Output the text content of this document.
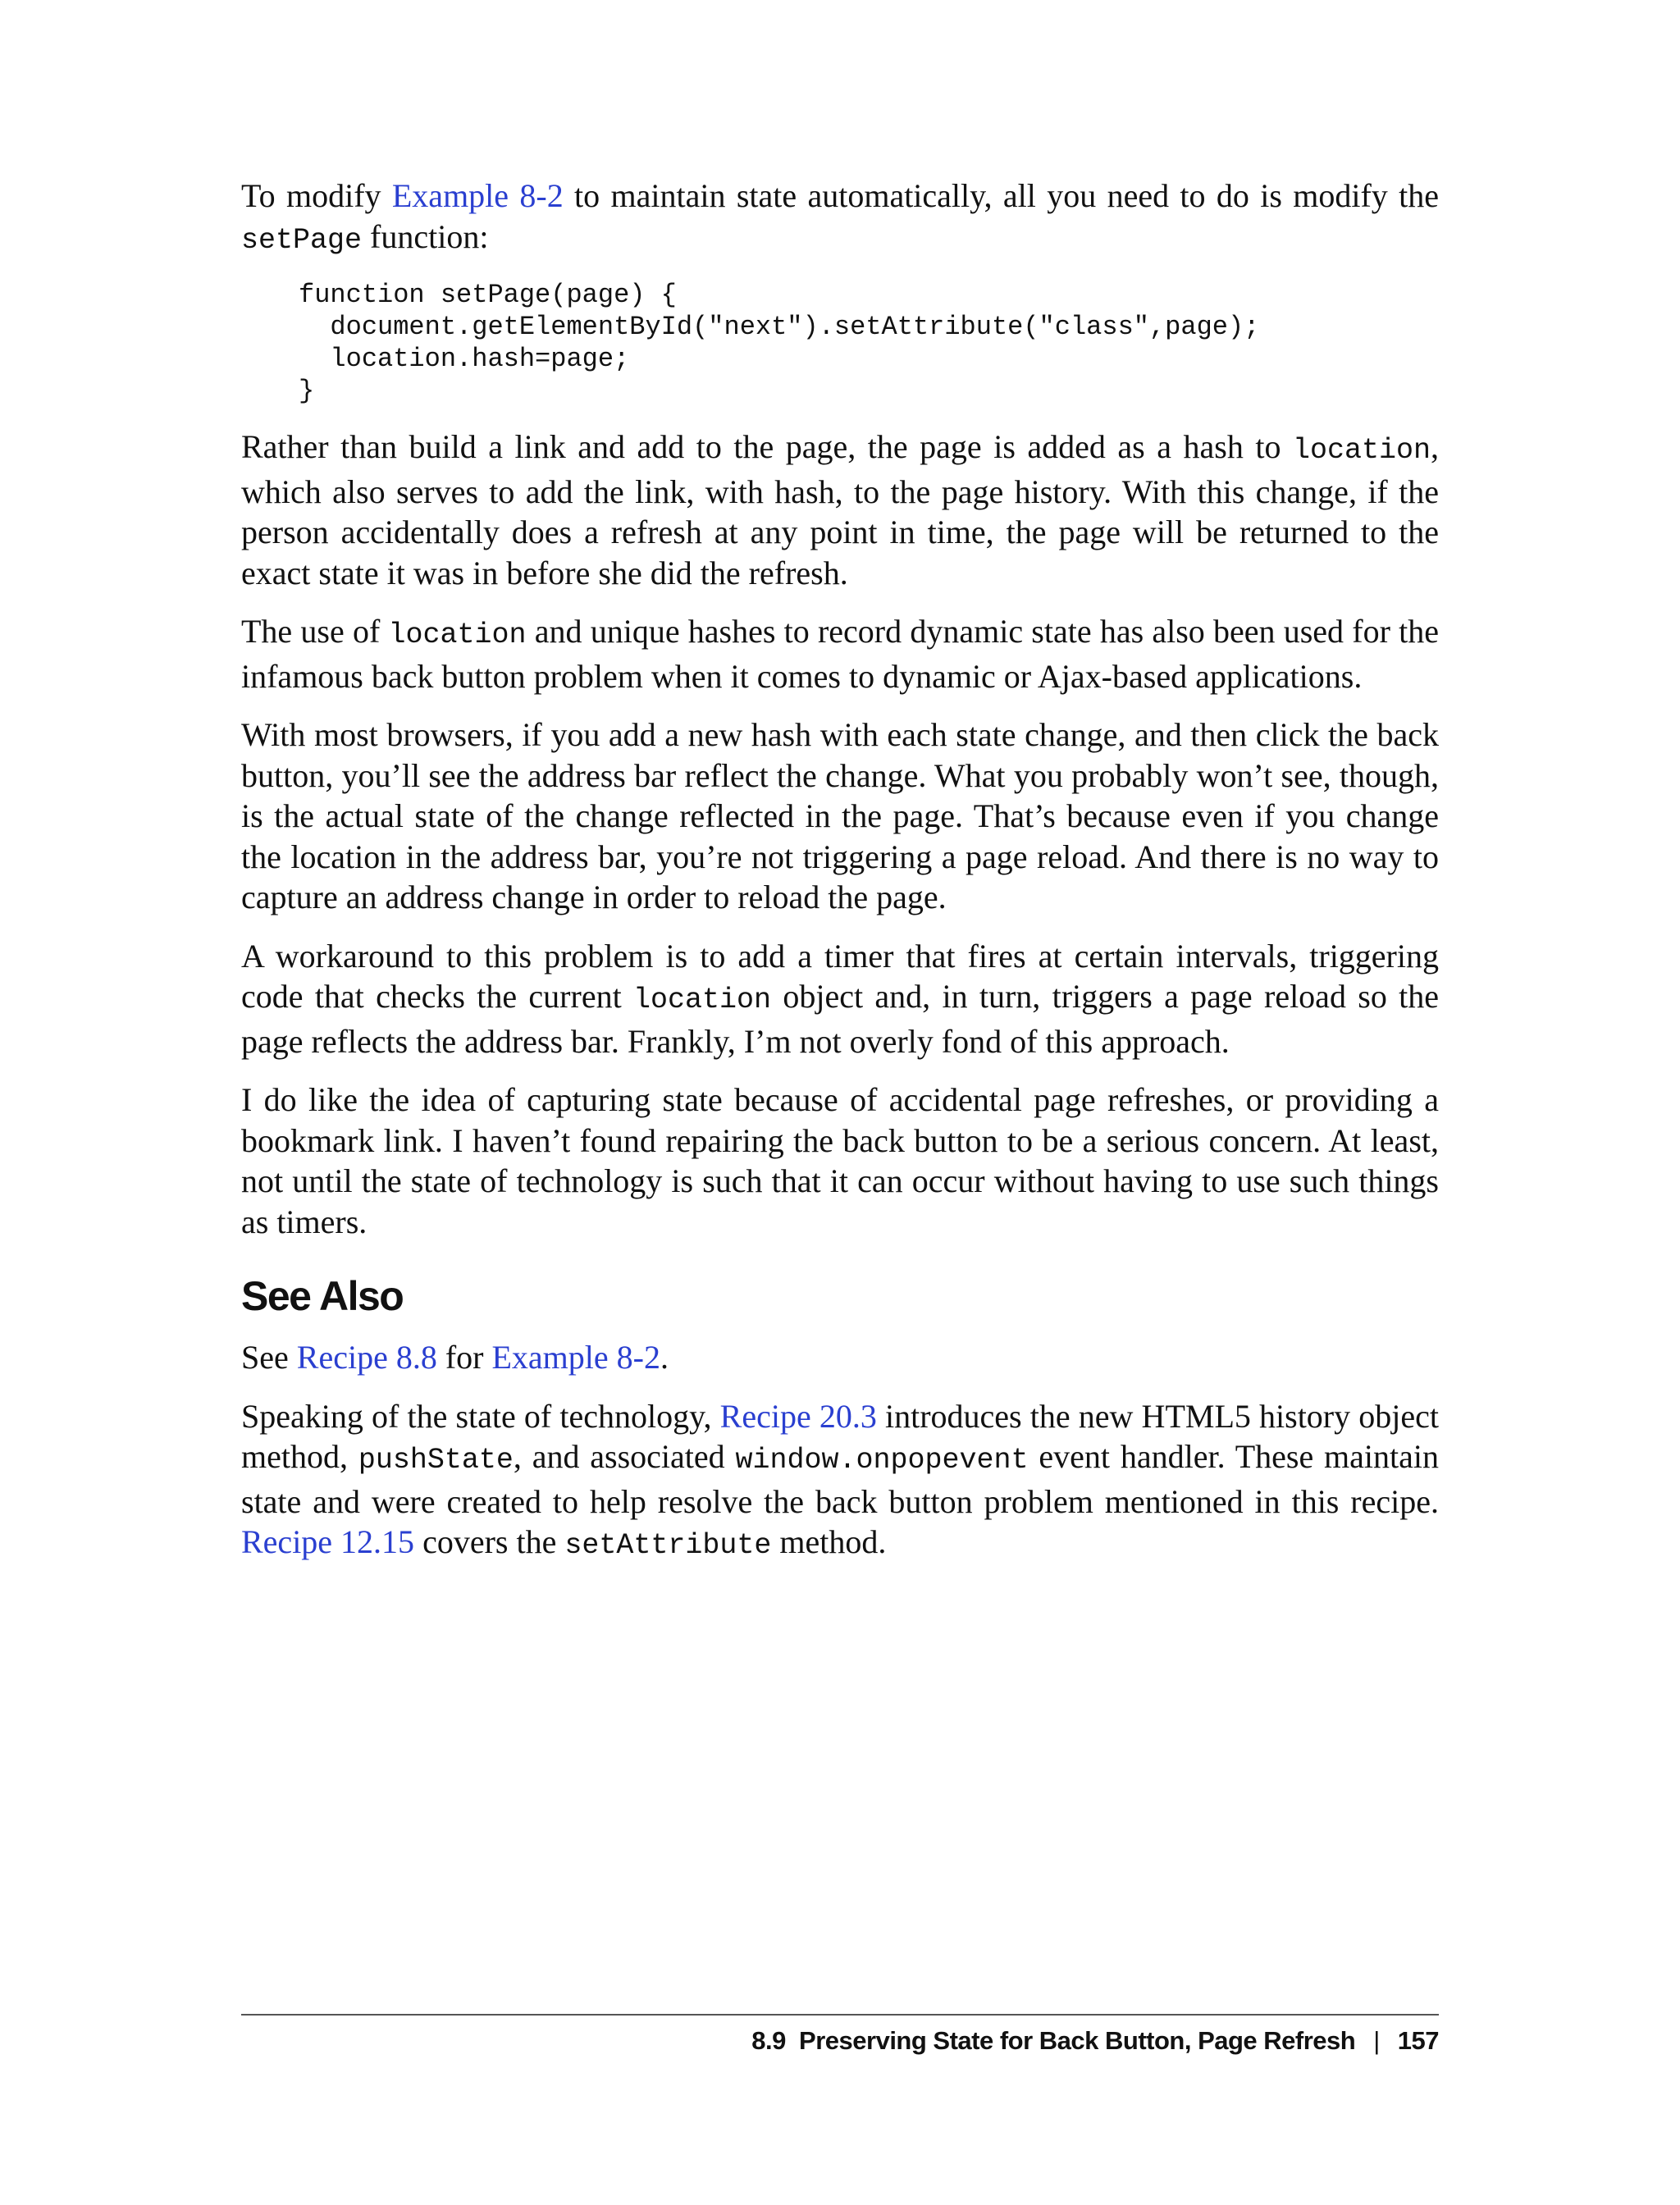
To modify Example 8-2 to maintain state automatically, all you need to do is modify the setPage function:

function setPage(page) {
document.getElementById("next").setAttribute("class",page);
location.hash=page;
}

Rather than build a link and add to the page, the page is added as a hash to location, which also serves to add the link, with hash, to the page history. With this change, if the person accidentally does a refresh at any point in time, the page will be returned to the exact state it was in before she did the refresh.

The use of location and unique hashes to record dynamic state has also been used for the infamous back button problem when it comes to dynamic or Ajax-based applications.

With most browsers, if you add a new hash with each state change, and then click the back button, you’ll see the address bar reflect the change. What you probably won’t see, though, is the actual state of the change reflected in the page. That’s because even if you change the location in the address bar, you’re not triggering a page reload. And there is no way to capture an address change in order to reload the page.

A workaround to this problem is to add a timer that fires at certain intervals, triggering code that checks the current location object and, in turn, triggers a page reload so the page reflects the address bar. Frankly, I’m not overly fond of this approach.

I do like the idea of capturing state because of accidental page refreshes, or providing a bookmark link. I haven’t found repairing the back button to be a serious concern. At least, not until the state of technology is such that it can occur without having to use such things as timers.

See Also

See Recipe 8.8 for Example 8-2.

Speaking of the state of technology, Recipe 20.3 introduces the new HTML5 history object method, pushState, and associated window.onpopevent event handler. These maintain state and were created to help resolve the back button problem mentioned in this recipe. Recipe 12.15 covers the setAttribute method.

8.9  Preserving State for Back Button, Page Refresh | 157
